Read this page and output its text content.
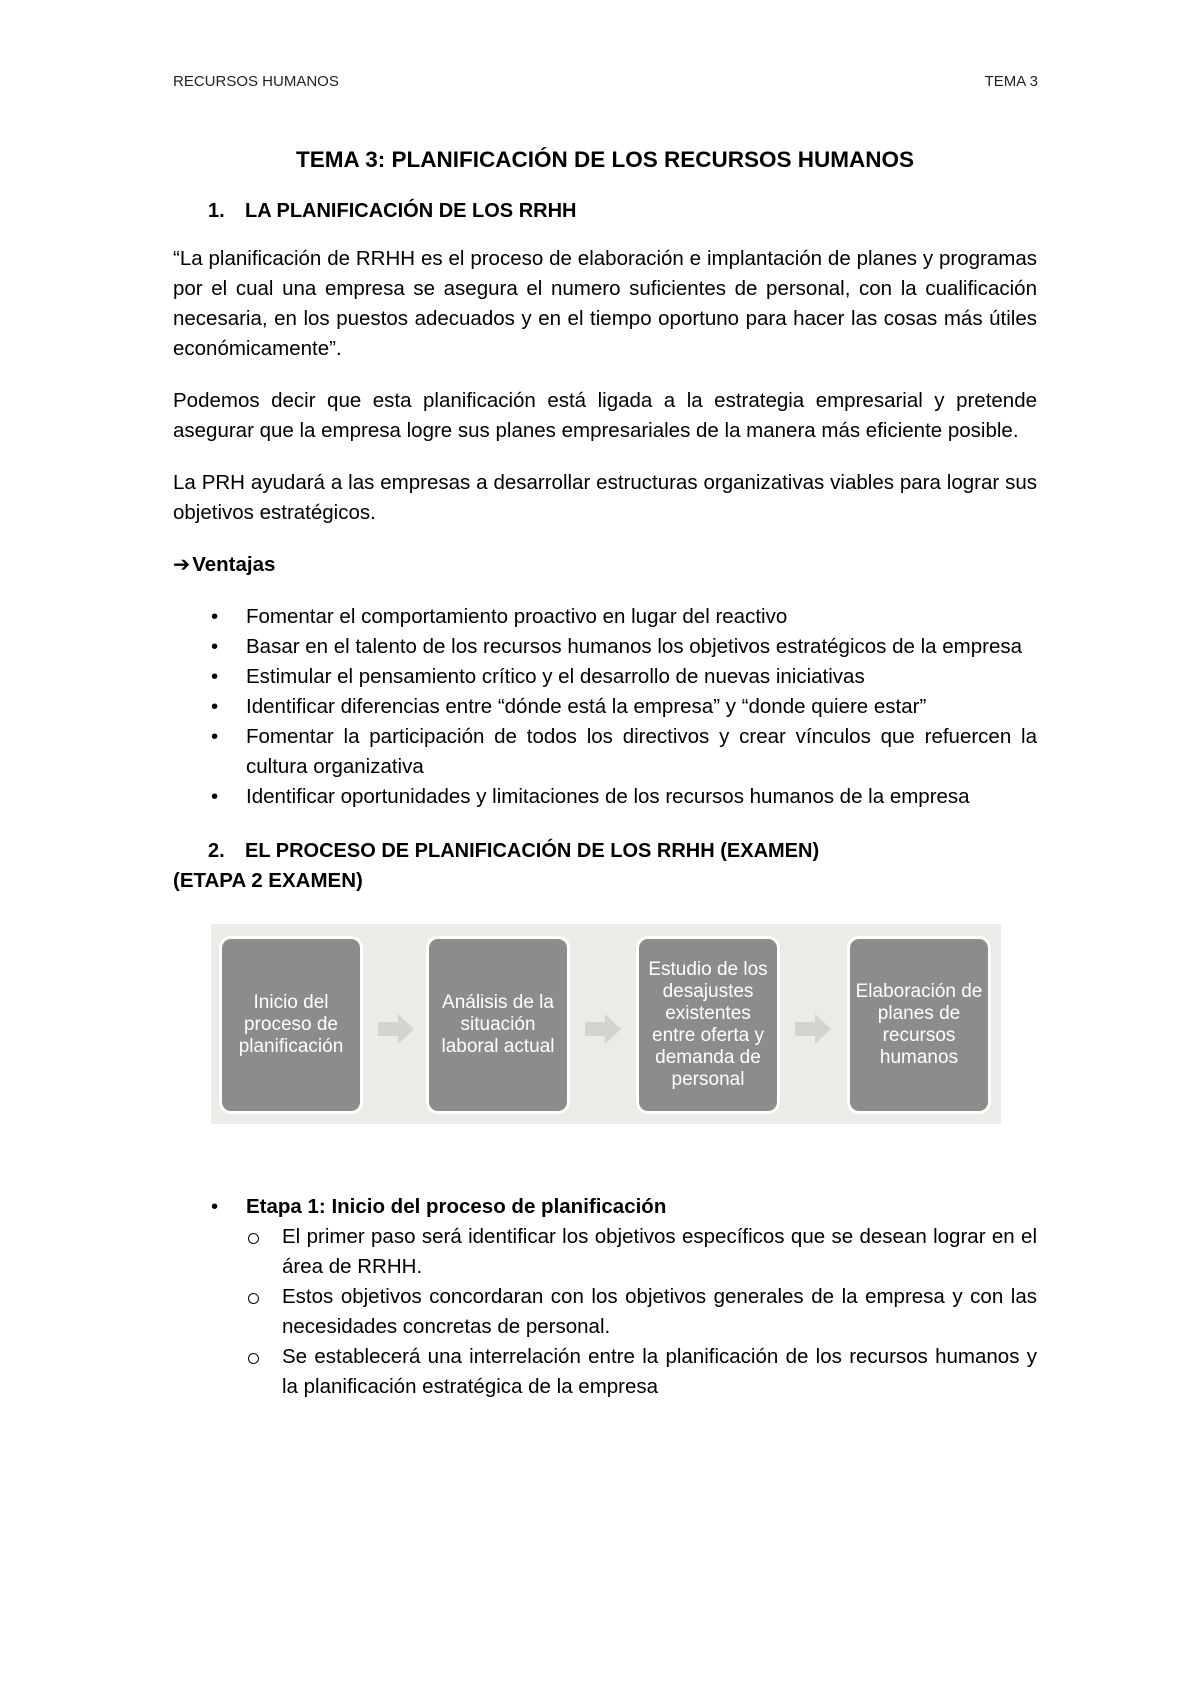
RECURSOS HUMANOS	TEMA 3
TEMA 3: PLANIFICACIÓN DE LOS RECURSOS HUMANOS
1.	LA PLANIFICACIÓN DE LOS RRHH

“La planificación de RRHH es el proceso de elaboración e implantación de planes y programas por el cual una empresa se asegura el numero suficientes de personal, con la cualificación necesaria, en los puestos adecuados y en el tiempo oportuno para hacer las cosas más útiles económicamente”.

Podemos decir que esta planificación está ligada a la estrategia empresarial y pretende asegurar que la empresa logre sus planes empresariales de la manera más eficiente posible.

La PRH ayudará a las empresas a desarrollar estructuras organizativas viables para lograr sus objetivos estratégicos.

➔ Ventajas
• Fomentar el comportamiento proactivo en lugar del reactivo
• Basar en el talento de los recursos humanos los objetivos estratégicos de la empresa
• Estimular el pensamiento crítico y el desarrollo de nuevas iniciativas
• Identificar diferencias entre “dónde está la empresa” y “donde quiere estar”
• Fomentar la participación de todos los directivos y crear vínculos que refuercen la cultura organizativa
• Identificar oportunidades y limitaciones de los recursos humanos de la empresa
2.	EL PROCESO DE PLANIFICACIÓN DE LOS RRHH (EXAMEN)
(ETAPA 2 EXAMEN)
Inicio del proceso de planificación
Análisis de la situación laboral actual
Estudio de los desajustes existentes entre oferta y demanda de personal
Elaboración de planes de recursos humanos
• Etapa 1: Inicio del proceso de planificación
El primer paso será identificar los objetivos específicos que se desean lograr en el área de RRHH.
Estos objetivos concordaran con los objetivos generales de la empresa y con las necesidades concretas de personal.
Se establecerá una interrelación entre la planificación de los recursos humanos y la planificación estratégica de la empresa
